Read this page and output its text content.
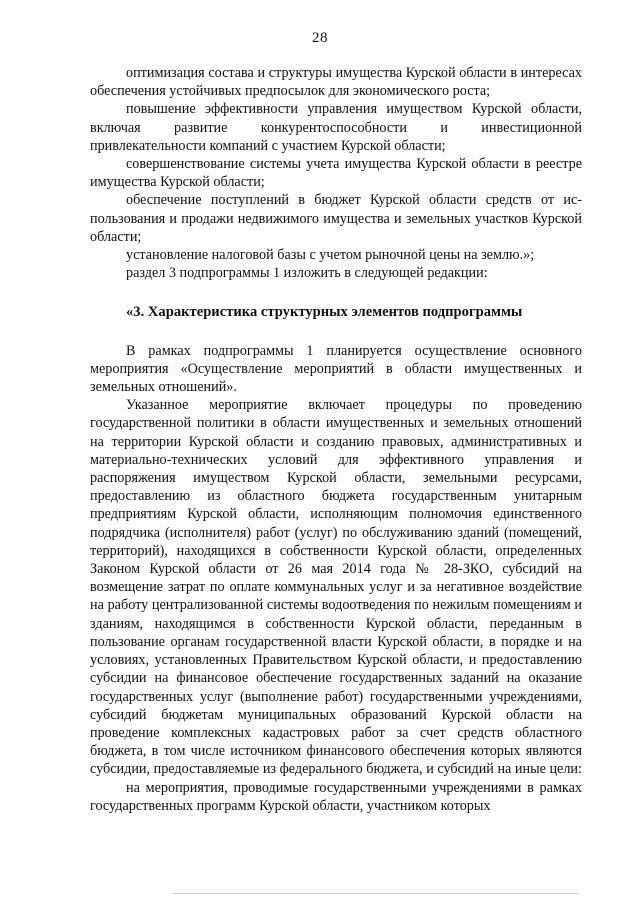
28

оптимизация состава и структуры имущества Курской области в интересах обеспечения устойчивых предпосылок для экономического роста;

повышение эффективности управления имуществом Курской области, включая развитие конкурентоспособности и инвестиционной привлекательности компаний с участием Курской области;

совершенствование системы учета имущества Курской области в реестре имущества Курской области;

обеспечение поступлений в бюджет Курской области средств от использования и продажи недвижимого имущества и земельных участков Курской области;

установление налоговой базы с учетом рыночной цены на землю.»;

раздел 3 подпрограммы 1 изложить в следующей редакции:

«3. Характеристика структурных элементов подпрограммы

В рамках подпрограммы 1 планируется осуществление основного мероприятия «Осуществление мероприятий в области имущественных и земельных отношений».

Указанное мероприятие включает процедуры по проведению государственной политики в области имущественных и земельных отношений на территории Курской области и созданию правовых, административных и материально-технических условий для эффективного управления и распоряжения имуществом Курской области, земельными ресурсами, предоставлению из областного бюджета государственным унитарным предприятиям Курской области, исполняющим полномочия единственного подрядчика (исполнителя) работ (услуг) по обслуживанию зданий (помещений, территорий), находящихся в собственности Курской области, определенных Законом Курской области от 26 мая 2014 года № 28-ЗКО, субсидий на возмещение затрат по оплате коммунальных услуг и за негативное воздействие на работу централизованной системы водоотведения по нежилым помещениям и зданиям, находящимся в собственности Курской области, переданным в пользование органам государственной власти Курской области, в порядке и на условиях, установленных Правительством Курской области, и предоставлению субсидии на финансовое обеспечение государственных заданий на оказание государственных услуг (выполнение работ) государственными учреждениями, субсидий бюджетам муниципальных образований Курской области на проведение комплексных кадастровых работ за счет средств областного бюджета, в том числе источником финансового обеспечения которых являются субсидии, предоставляемые из федерального бюджета, и субсидий на иные цели:

на мероприятия, проводимые государственными учреждениями в рамках государственных программ Курской области, участником которых
